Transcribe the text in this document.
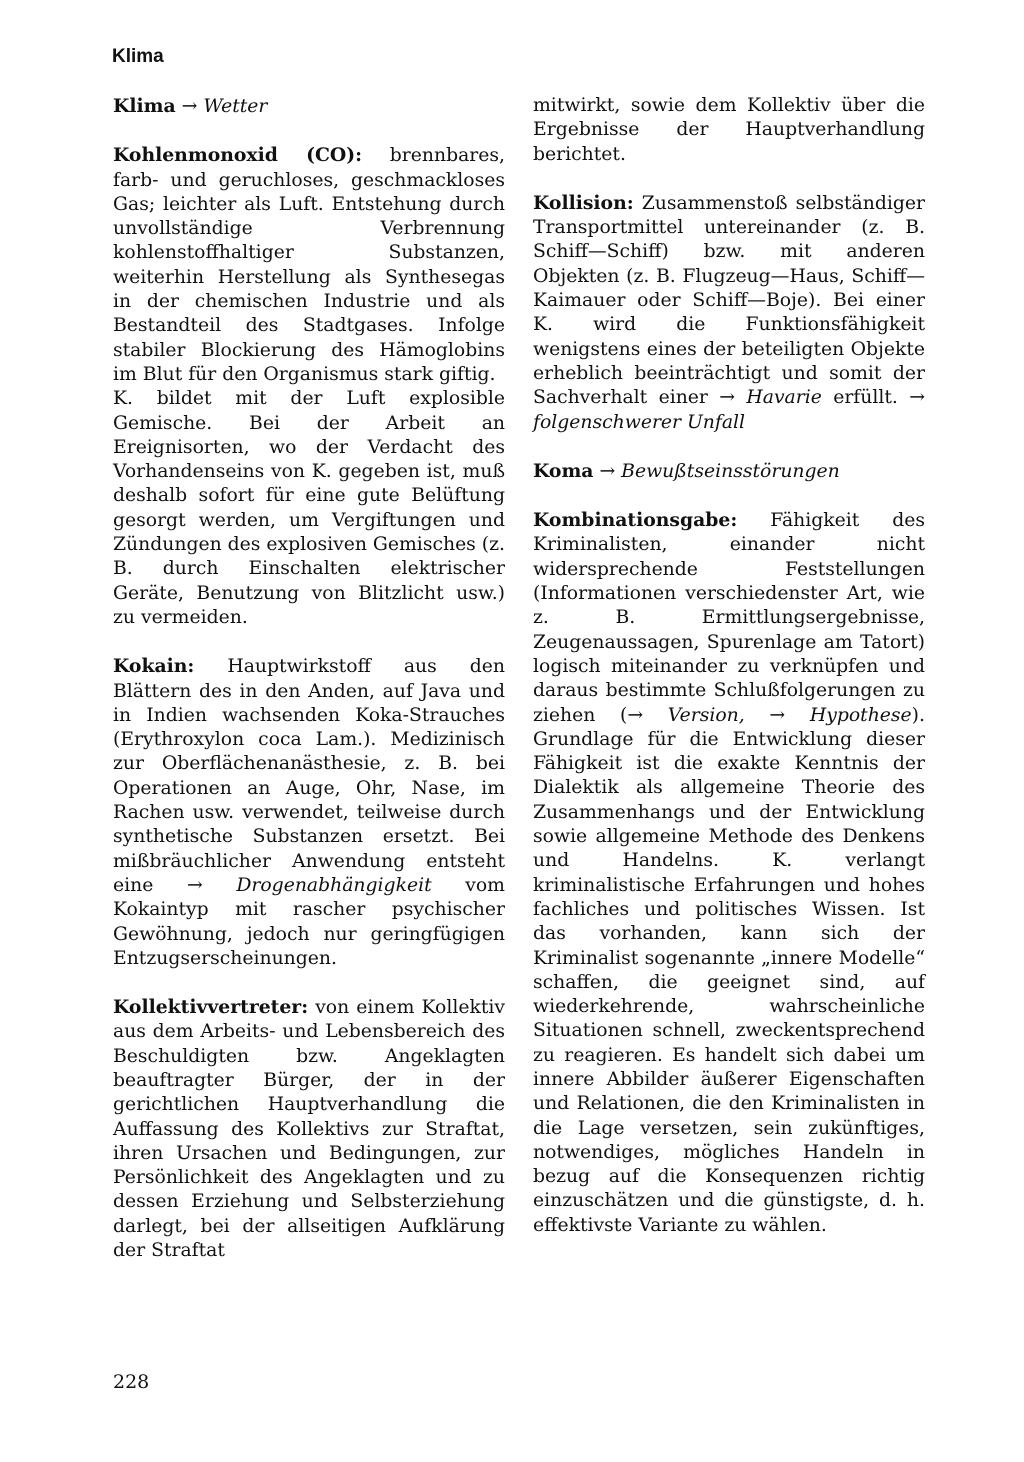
Klima

Klima → Wetter

Kohlenmonoxid (CO): brennbares, farb- und geruchloses, geschmackloses Gas; leichter als Luft. Entstehung durch unvollständige Verbrennung kohlenstoffhaltiger Substanzen, weiterhin Herstellung als Synthesegas in der chemischen Industrie und als Bestandteil des Stadtgases. Infolge stabiler Blockierung des Hämoglobins im Blut für den Organismus stark giftig.

K. bildet mit der Luft explosible Gemische. Bei der Arbeit an Ereignisorten, wo der Verdacht des Vorhandenseins von K. gegeben ist, muß deshalb sofort für eine gute Belüftung gesorgt werden, um Vergiftungen und Zündungen des explosiven Gemisches (z. B. durch Einschalten elektrischer Geräte, Benutzung von Blitzlicht usw.) zu vermeiden.

Kokain: Hauptwirkstoff aus den Blättern des in den Anden, auf Java und in Indien wachsenden Koka-Strauches (Erythroxylon coca Lam.). Medizinisch zur Oberflächenanästhesie, z. B. bei Operationen an Auge, Ohr, Nase, im Rachen usw. verwendet, teilweise durch synthetische Substanzen ersetzt. Bei mißbräuchlicher Anwendung entsteht eine → Drogenabhängigkeit vom Kokaintyp mit rascher psychischer Gewöhnung, jedoch nur geringfügigen Entzugserscheinungen.

Kollektivvertreter: von einem Kollektiv aus dem Arbeits- und Lebensbereich des Beschuldigten bzw. Angeklagten beauftragter Bürger, der in der gerichtlichen Hauptverhandlung die Auffassung des Kollektivs zur Straftat, ihren Ursachen und Bedingungen, zur Persönlichkeit des Angeklagten und zu dessen Erziehung und Selbsterziehung darlegt, bei der allseitigen Aufklärung der Straftat

mitwirkt, sowie dem Kollektiv über die Ergebnisse der Hauptverhandlung berichtet.

Kollision: Zusammenstoß selbständiger Transportmittel untereinander (z. B. Schiff—Schiff) bzw. mit anderen Objekten (z. B. Flugzeug—Haus, Schiff—Kaimauer oder Schiff—Boje). Bei einer K. wird die Funktionsfähigkeit wenigstens eines der beteiligten Objekte erheblich beeinträchtigt und somit der Sachverhalt einer → Havarie erfüllt. → folgenschwerer Unfall

Koma → Bewußtseinsstörungen

Kombinationsgabe: Fähigkeit des Kriminalisten, einander nicht widersprechende Feststellungen (Informationen verschiedenster Art, wie z. B. Ermittlungsergebnisse, Zeugenaussagen, Spurenlage am Tatort) logisch miteinander zu verknüpfen und daraus bestimmte Schlußfolgerungen zu ziehen (→ Version, → Hypothese). Grundlage für die Entwicklung dieser Fähigkeit ist die exakte Kenntnis der Dialektik als allgemeine Theorie des Zusammenhangs und der Entwicklung sowie allgemeine Methode des Denkens und Handelns. K. verlangt kriminalistische Erfahrungen und hohes fachliches und politisches Wissen. Ist das vorhanden, kann sich der Kriminalist sogenannte „innere Modelle“ schaffen, die geeignet sind, auf wiederkehrende, wahrscheinliche Situationen schnell, zweckentsprechend zu reagieren. Es handelt sich dabei um innere Abbilder äußerer Eigenschaften und Relationen, die den Kriminalisten in die Lage versetzen, sein zukünftiges, notwendiges, mögliches Handeln in bezug auf die Konsequenzen richtig einzuschätzen und die günstigste, d. h. effektivste Variante zu wählen.

228
